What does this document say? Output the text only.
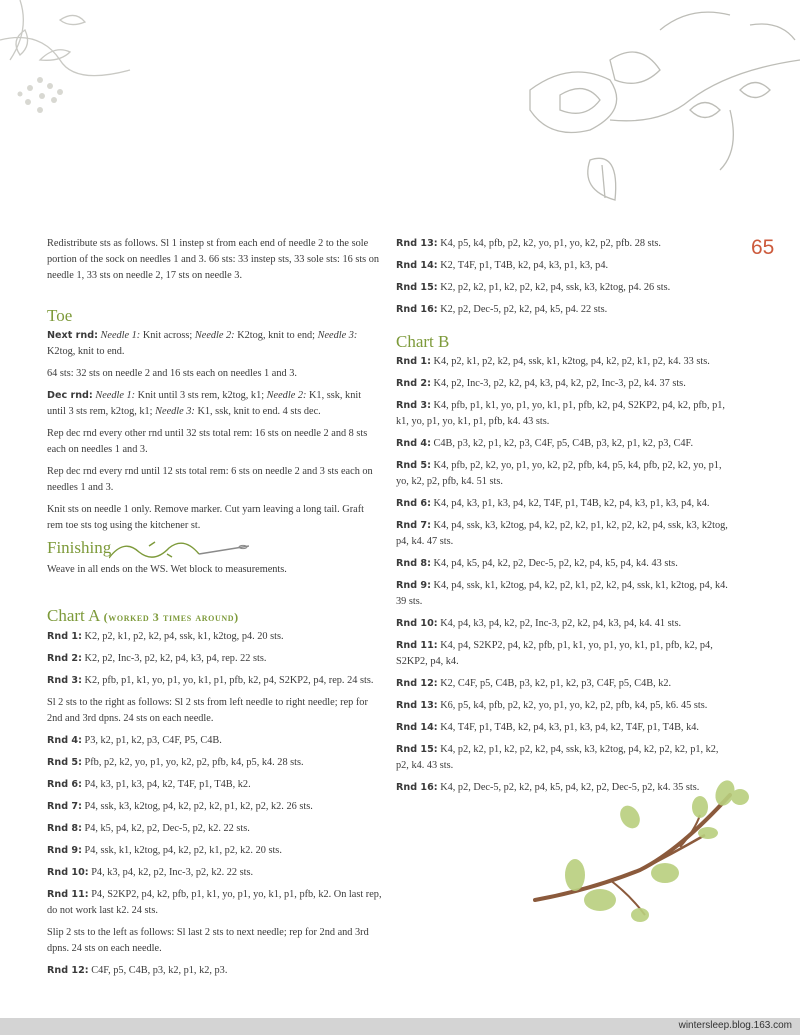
65

Redistribute sts as follows. Sl 1 instep st from each end of needle 2 to the sole portion of the sock on needles 1 and 3. 66 sts: 33 instep sts, 33 sole sts: 16 sts on needle 1, 33 sts on needle 2, 17 sts on needle 3.

Toe

Next rnd: Needle 1: Knit across; Needle 2: K2tog, knit to end; Needle 3: K2tog, knit to end.

64 sts: 32 sts on needle 2 and 16 sts each on needles 1 and 3.

Dec rnd: Needle 1: Knit until 3 sts rem, k2tog, k1; Needle 2: K1, ssk, knit until 3 sts rem, k2tog, k1; Needle 3: K1, ssk, knit to end. 4 sts dec.

Rep dec rnd every other rnd until 32 sts total rem: 16 sts on needle 2 and 8 sts each on needles 1 and 3.

Rep dec rnd every rnd until 12 sts total rem: 6 sts on needle 2 and 3 sts each on needles 1 and 3.

Knit sts on needle 1 only. Remove marker. Cut yarn leaving a long tail. Graft rem toe sts tog using the kitchener st.

Finishing

Weave in all ends on the WS. Wet block to measurements.

Chart A (worked 3 times around)

Rnd 1: K2, p2, k1, p2, k2, p4, ssk, k1, k2tog, p4. 20 sts.

Rnd 2: K2, p2, Inc-3, p2, k2, p4, k3, p4, rep. 22 sts.

Rnd 3: K2, pfb, p1, k1, yo, p1, yo, k1, p1, pfb, k2, p4, S2KP2, p4, rep. 24 sts.

Sl 2 sts to the right as follows: Sl 2 sts from left needle to right needle; rep for 2nd and 3rd dpns. 24 sts on each needle.

Rnd 4: P3, k2, p1, k2, p3, C4F, P5, C4B.

Rnd 5: Pfb, p2, k2, yo, p1, yo, k2, p2, pfb, k4, p5, k4. 28 sts.

Rnd 6: P4, k3, p1, k3, p4, k2, T4F, p1, T4B, k2.

Rnd 7: P4, ssk, k3, k2tog, p4, k2, p2, k2, p1, k2, p2, k2. 26 sts.

Rnd 8: P4, k5, p4, k2, p2, Dec-5, p2, k2. 22 sts.

Rnd 9: P4, ssk, k1, k2tog, p4, k2, p2, k1, p2, k2. 20 sts.

Rnd 10: P4, k3, p4, k2, p2, Inc-3, p2, k2. 22 sts.

Rnd 11: P4, S2KP2, p4, k2, pfb, p1, k1, yo, p1, yo, k1, p1, pfb, k2. On last rep, do not work last k2. 24 sts.

Slip 2 sts to the left as follows: Sl last 2 sts to next needle; rep for 2nd and 3rd dpns. 24 sts on each needle.

Rnd 12: C4F, p5, C4B, p3, k2, p1, k2, p3.

Rnd 13: K4, p5, k4, pfb, p2, k2, yo, p1, yo, k2, p2, pfb. 28 sts.

Rnd 14: K2, T4F, p1, T4B, k2, p4, k3, p1, k3, p4.

Rnd 15: K2, p2, k2, p1, k2, p2, k2, p4, ssk, k3, k2tog, p4. 26 sts.

Rnd 16: K2, p2, Dec-5, p2, k2, p4, k5, p4. 22 sts.

Chart B

Rnd 1: K4, p2, k1, p2, k2, p4, ssk, k1, k2tog, p4, k2, p2, k1, p2, k4. 33 sts.

Rnd 2: K4, p2, Inc-3, p2, k2, p4, k3, p4, k2, p2, Inc-3, p2, k4. 37 sts.

Rnd 3: K4, pfb, p1, k1, yo, p1, yo, k1, p1, pfb, k2, p4, S2KP2, p4, k2, pfb, p1, k1, yo, p1, yo, k1, p1, pfb, k4. 43 sts.

Rnd 4: C4B, p3, k2, p1, k2, p3, C4F, p5, C4B, p3, k2, p1, k2, p3, C4F.

Rnd 5: K4, pfb, p2, k2, yo, p1, yo, k2, p2, pfb, k4, p5, k4, pfb, p2, k2, yo, p1, yo, k2, p2, pfb, k4. 51 sts.

Rnd 6: K4, p4, k3, p1, k3, p4, k2, T4F, p1, T4B, k2, p4, k3, p1, k3, p4, k4.

Rnd 7: K4, p4, ssk, k3, k2tog, p4, k2, p2, k2, p1, k2, p2, k2, p4, ssk, k3, k2tog, p4, k4. 47 sts.

Rnd 8: K4, p4, k5, p4, k2, p2, Dec-5, p2, k2, p4, k5, p4, k4. 43 sts.

Rnd 9: K4, p4, ssk, k1, k2tog, p4, k2, p2, k1, p2, k2, p4, ssk, k1, k2tog, p4, k4. 39 sts.

Rnd 10: K4, p4, k3, p4, k2, p2, Inc-3, p2, k2, p4, k3, p4, k4. 41 sts.

Rnd 11: K4, p4, S2KP2, p4, k2, pfb, p1, k1, yo, p1, yo, k1, p1, pfb, k2, p4, S2KP2, p4, k4.

Rnd 12: K2, C4F, p5, C4B, p3, k2, p1, k2, p3, C4F, p5, C4B, k2.

Rnd 13: K6, p5, k4, pfb, p2, k2, yo, p1, yo, k2, p2, pfb, k4, p5, k6. 45 sts.

Rnd 14: K4, T4F, p1, T4B, k2, p4, k3, p1, k3, p4, k2, T4F, p1, T4B, k4.

Rnd 15: K4, p2, k2, p1, k2, p2, k2, p4, ssk, k3, k2tog, p4, k2, p2, k2, p1, k2, p2, k4. 43 sts.

Rnd 16: K4, p2, Dec-5, p2, k2, p4, k5, p4, k2, p2, Dec-5, p2, k4. 35 sts.

wintersleep.blog.163.com
